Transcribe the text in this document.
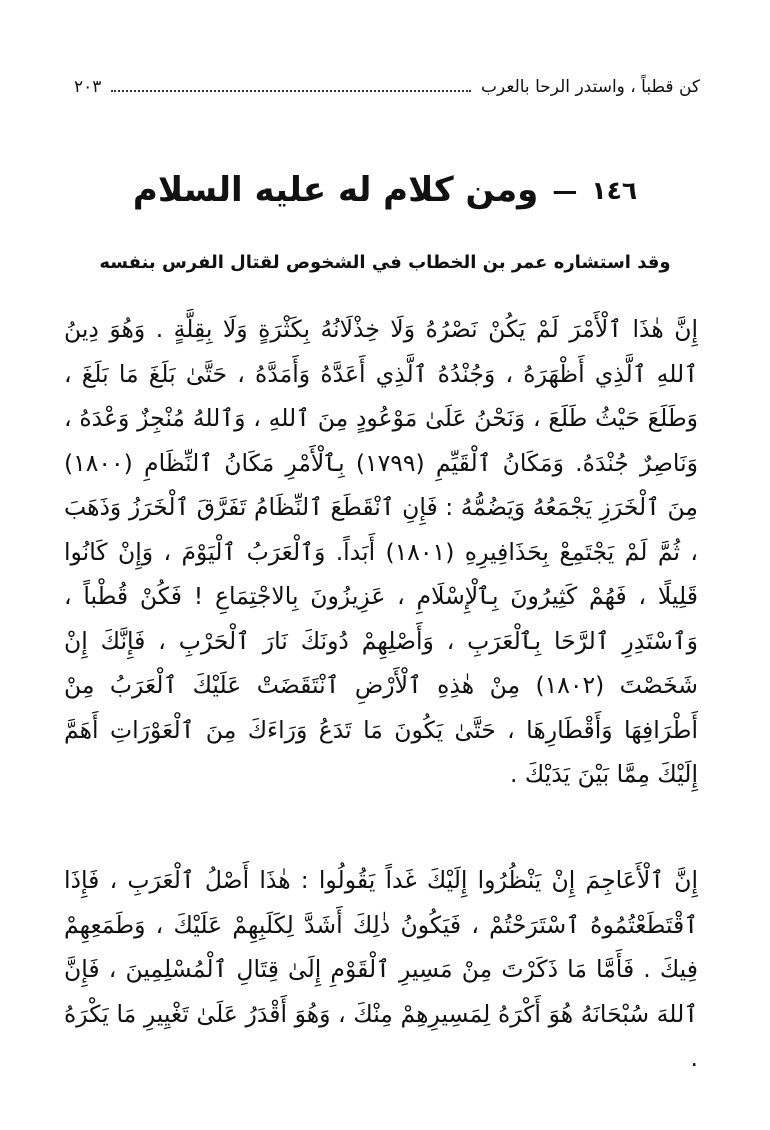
كن قطباً ، واستدر الرحا بالعرب
٢٠٣
١٤٦
—
ومن كلام له عليه السلام
وقد استشاره عمر بن الخطاب في الشخوص لقتال الفرس بنفسه

إِنَّ هٰذَا ٱلْأَمْرَ لَمْ يَكُنْ نَصْرُهُ وَلَا خِذْلَانُهُ بِكَثْرَةٍ وَلَا بِقِلَّةٍ . وَهُوَ دِينُ ٱللهِ ٱلَّذِي أَظْهَرَهُ ، وَجُنْدُهُ ٱلَّذِي أَعَدَّهُ وَأَمَدَّهُ ، حَتَّىٰ بَلَغَ مَا بَلَغَ ، وَطَلَعَ حَيْثُ طَلَعَ ، وَنَحْنُ عَلَىٰ مَوْعُودٍ مِنَ ٱللهِ ، وَٱللهُ مُنْجِزٌ وَعْدَهُ ، وَنَاصِرٌ جُنْدَهُ. وَمَكَانُ ٱلْقَيِّمِ (١٧٩٩) بِٱلْأَمْرِ مَكَانُ ٱلنِّظَامِ (١٨٠٠) مِنَ ٱلْخَرَزِ يَجْمَعُهُ وَيَضُمُّهُ : فَإِنِ ٱنْقَطَعَ ٱلنِّظَامُ تَفَرَّقَ ٱلْخَرَزُ وَذَهَبَ ، ثُمَّ لَمْ يَجْتَمِعْ بِحَذَافِيرِهِ (١٨٠١) أَبَداً. وَٱلْعَرَبُ ٱلْيَوْمَ ، وَإِنْ كَانُوا قَلِيلًا ، فَهُمْ كَثِيرُونَ بِٱلْإِسْلَامِ ، عَزِيزُونَ بِالاجْتِمَاعِ ! فَكُنْ قُطْباً ، وَٱسْتَدِرِ ٱلرَّحَا بِٱلْعَرَبِ ، وَأَصْلِهِمْ دُونَكَ نَارَ ٱلْحَرْبِ ، فَإِنَّكَ إِنْ شَخَصْتَ (١٨٠٢) مِنْ هٰذِهِ ٱلْأَرْضِ ٱنْتَقَضَتْ عَلَيْكَ ٱلْعَرَبُ مِنْ أَطْرَافِهَا وَأَقْطَارِهَا ، حَتَّىٰ يَكُونَ مَا تَدَعُ وَرَاءَكَ مِنَ ٱلْعَوْرَاتِ أَهَمَّ إِلَيْكَ مِمَّا بَيْنَ يَدَيْكَ .

إِنَّ ٱلْأَعَاجِمَ إِنْ يَنْظُرُوا إِلَيْكَ غَداً يَقُولُوا : هٰذَا أَصْلُ ٱلْعَرَبِ ، فَإِذَا ٱقْتَطَعْتُمُوهُ ٱسْتَرَحْتُمْ ، فَيَكُونُ ذٰلِكَ أَشَدَّ لِكَلَبِهِمْ عَلَيْكَ ، وَطَمَعِهِمْ فِيكَ . فَأَمَّا مَا ذَكَرْتَ مِنْ مَسِيرِ ٱلْقَوْمِ إِلَىٰ قِتَالِ ٱلْمُسْلِمِينَ ، فَإِنَّ ٱللهَ سُبْحَانَهُ هُوَ أَكْرَهُ لِمَسِيرِهِمْ مِنْكَ ، وَهُوَ أَقْدَرُ عَلَىٰ تَغْيِيرِ مَا يَكْرَهُ .
